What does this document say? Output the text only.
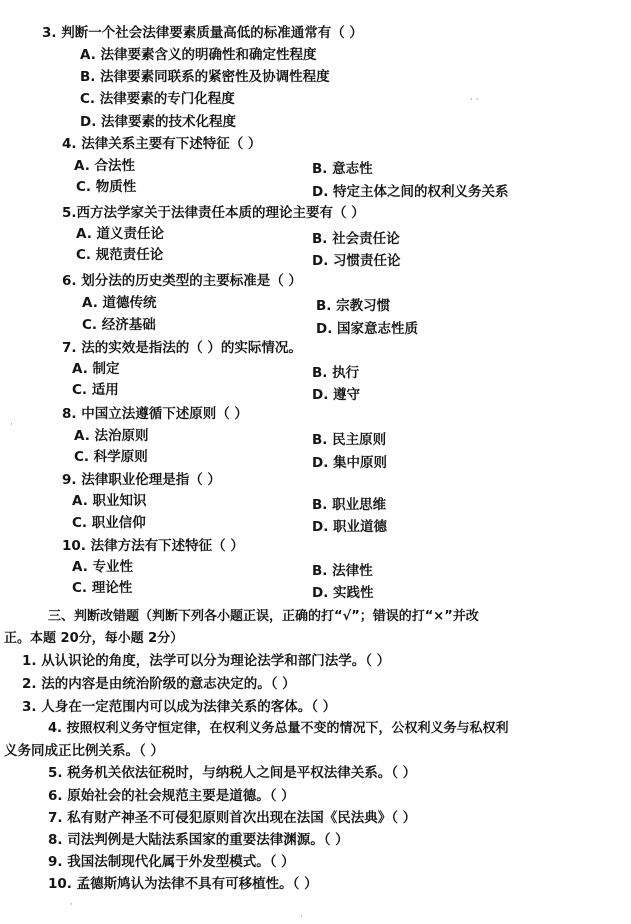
3. 判断一个社会法律要素质量高低的标准通常有（ ）
A. 法律要素含义的明确性和确定性程度
B. 法律要素同联系的紧密性及协调性程度
C. 法律要素的专门化程度
D. 法律要素的技术化程度
4. 法律关系主要有下述特征（ ）
A. 合法性	B. 意志性
C. 物质性	D. 特定主体之间的权利义务关系
5.西方法学家关于法律责任本质的理论主要有（ ）
A. 道义责任论	B. 社会责任论
C. 规范责任论	D. 习惯责任论
6. 划分法的历史类型的主要标准是（ ）
A. 道德传统	B. 宗教习惯
C. 经济基础	D. 国家意志性质
7. 法的实效是指法的（ ）的实际情况。
A. 制定	B. 执行
C. 适用	D. 遵守
8. 中国立法遵循下述原则（ ）
A. 法治原则	B. 民主原则
C. 科学原则	D. 集中原则
9. 法律职业伦理是指（ ）
A. 职业知识	B. 职业思维
C. 职业信仰	D. 职业道德
10. 法律方法有下述特征（ ）
A. 专业性	B. 法律性
C. 理论性	D. 实践性
三、判断改错题（判断下列各小题正误，正确的打“√”；错误的打“×”并改
正。本题 20分，每小题 2分）
1. 从认识论的角度，法学可以分为理论法学和部门法学。（ ）
2. 法的内容是由统治阶级的意志决定的。（ ）
3. 人身在一定范围内可以成为法律关系的客体。（ ）
4. 按照权利义务守恒定律，在权利义务总量不变的情况下，公权利义务与私权利
义务同成正比例关系。（ ）
5. 税务机关依法征税时，与纳税人之间是平权法律关系。（ ）
6. 原始社会的社会规范主要是道德。（ ）
7. 私有财产神圣不可侵犯原则首次出现在法国《民法典》（ ）
8. 司法判例是大陆法系国家的重要法律渊源。（ ）
9. 我国法制现代化属于外发型模式。（ ）
10. 孟德斯鸠认为法律不具有可移植性。（ ）
·
·
· ·
·
